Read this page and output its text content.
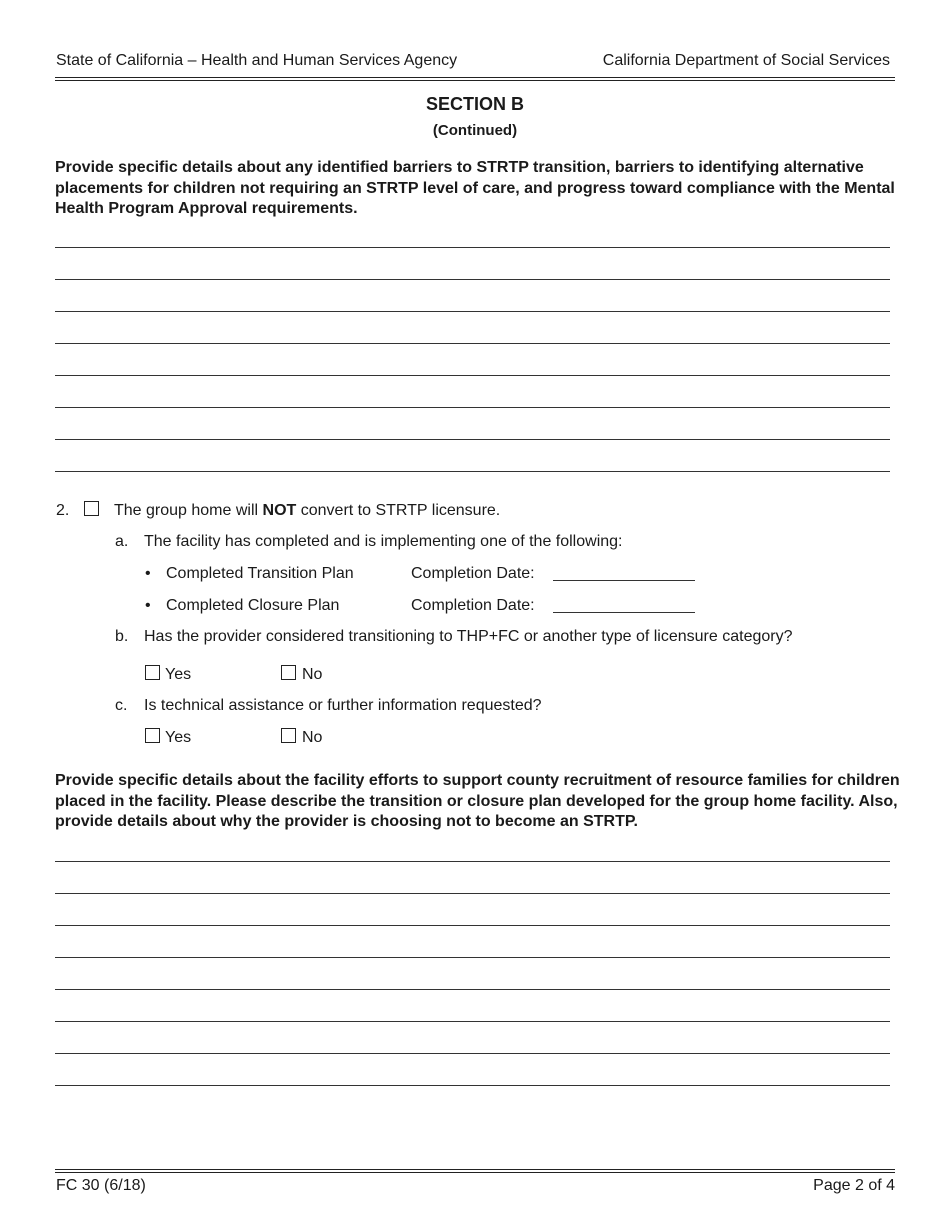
State of California – Health and Human Services Agency	California Department of Social Services
SECTION B
(Continued)
Provide specific details about any identified barriers to STRTP transition, barriers to identifying alternative placements for children not requiring an STRTP level of care, and progress toward compliance with the Mental Health Program Approval requirements.
2.	The group home will NOT convert to STRTP licensure.
a. The facility has completed and is implementing one of the following:
• Completed Transition Plan	Completion Date:
• Completed Closure Plan	Completion Date:
b. Has the provider considered transitioning to THP+FC or another type of licensure category?
Yes	No
c. Is technical assistance or further information requested?
Yes	No
Provide specific details about the facility efforts to support county recruitment of resource families for children placed in the facility. Please describe the transition or closure plan developed for the group home facility. Also, provide details about why the provider is choosing not to become an STRTP.
FC 30 (6/18)	Page 2 of 4
